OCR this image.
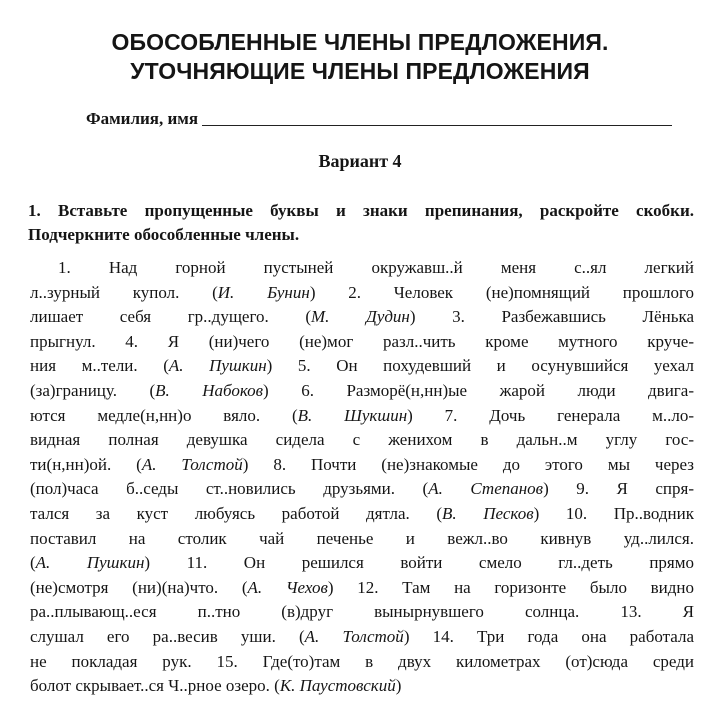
ОБОСОБЛЕННЫЕ ЧЛЕНЫ ПРЕДЛОЖЕНИЯ.
УТОЧНЯЮЩИЕ ЧЛЕНЫ ПРЕДЛОЖЕНИЯ
Фамилия, имя
Вариант 4
1. Вставьте пропущенные буквы и знаки препинания, раскройте скобки. Подчеркните обособленные члены.
1. Над горной пустыней окружавш..й меня с..ял легкий
л..зурный купол. (И. Бунин) 2. Человек (не)помнящий прошлого
лишает себя гр..дущего. (М. Дудин) 3. Разбежавшись Лёнька
прыгнул. 4. Я (ни)чего (не)мог разл..чить кроме мутного круче-
ния м..тели. (А. Пушкин) 5. Он похудевший и осунувшийся уехал
(за)границу. (В. Набоков) 6. Разморё(н,нн)ые жарой люди двига-
ются медле(н,нн)о вяло. (В. Шукшин) 7. Дочь генерала м..ло-
видная полная девушка сидела с женихом в дальн..м углу гос-
ти(н,нн)ой. (А. Толстой) 8. Почти (не)знакомые до этого мы через
(пол)часа б..седы ст..новились друзьями. (А. Степанов) 9. Я спря-
тался за куст любуясь работой дятла. (В. Песков) 10. Пр..водник
поставил на столик чай печенье и вежл..во кивнув уд..лился.
(А. Пушкин) 11. Он решился войти смело гл..деть прямо
(не)смотря (ни)(на)что. (А. Чехов) 12. Там на горизонте было видно
ра..плывающ..еся п..тно (в)друг вынырнувшего солнца. 13. Я
слушал его ра..весив уши. (А. Толстой) 14. Три года она работала
не покладая рук. 15. Где(то)там в двух километрах (от)сюда среди
болот скрывает..ся Ч..рное озеро. (К. Паустовский)
